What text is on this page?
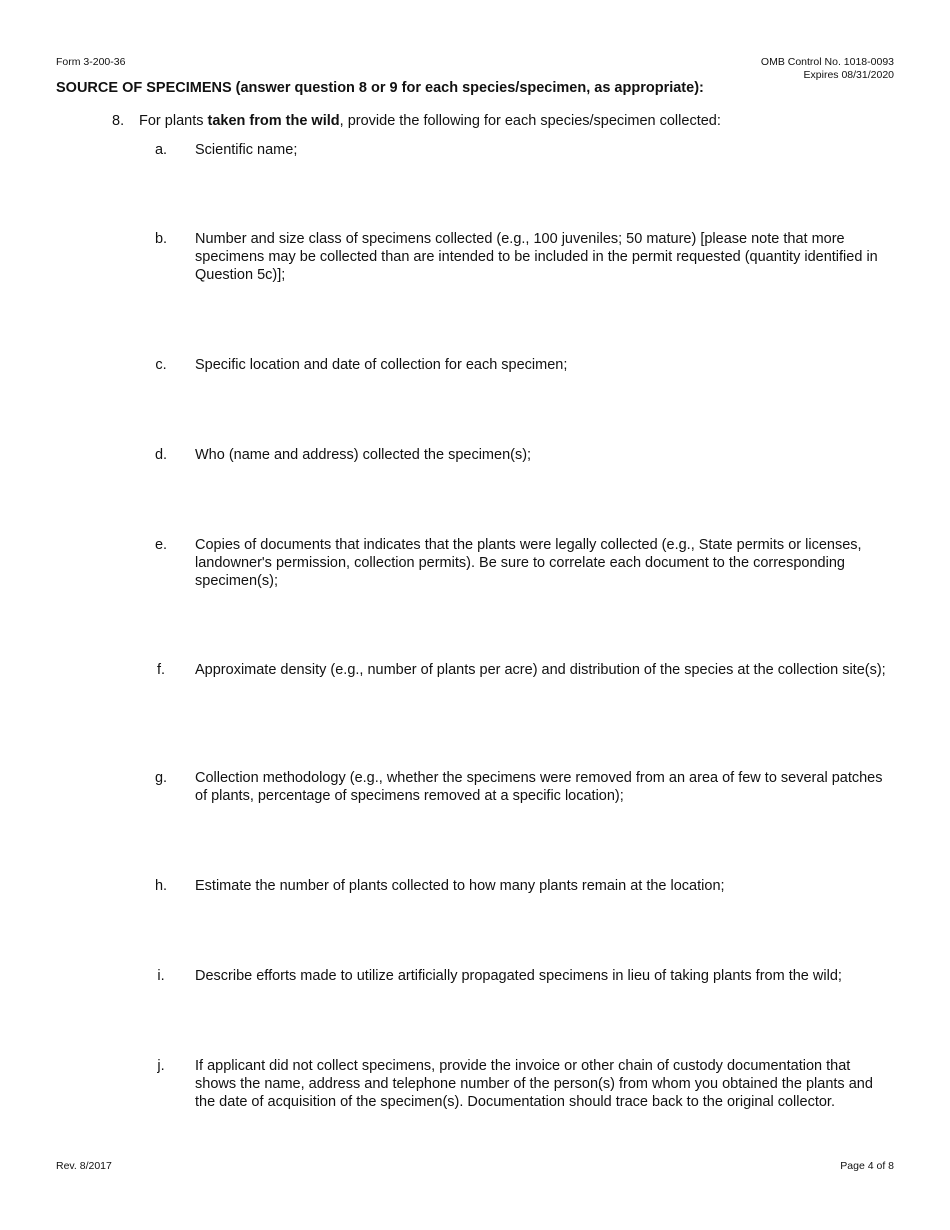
Form 3-200-36	OMB Control No. 1018-0093
Expires 08/31/2020
SOURCE OF SPECIMENS (answer question 8 or 9 for each species/specimen, as appropriate):
8. For plants taken from the wild, provide the following for each species/specimen collected:
a. Scientific name;
b. Number and size class of specimens collected (e.g., 100 juveniles; 50 mature) [please note that more specimens may be collected than are intended to be included in the permit requested (quantity identified in Question 5c)];
c. Specific location and date of collection for each specimen;
d. Who (name and address) collected the specimen(s);
e. Copies of documents that indicates that the plants were legally collected (e.g., State permits or licenses, landowner's permission, collection permits). Be sure to correlate each document to the corresponding specimen(s);
f.	Approximate density (e.g., number of plants per acre) and distribution of the species at the collection site(s);
g. Collection methodology (e.g., whether the specimens were removed from an area of few to several patches of plants, percentage of specimens removed at a specific location);
h. Estimate the number of plants collected to how many plants remain at the location;
i.	Describe efforts made to utilize artificially propagated specimens in lieu of taking plants from the wild;
j.	If applicant did not collect specimens, provide the invoice or other chain of custody documentation that shows the name, address and telephone number of the person(s) from whom you obtained the plants and the date of acquisition of the specimen(s). Documentation should trace back to the original collector.
Rev. 8/2017	Page 4 of 8
